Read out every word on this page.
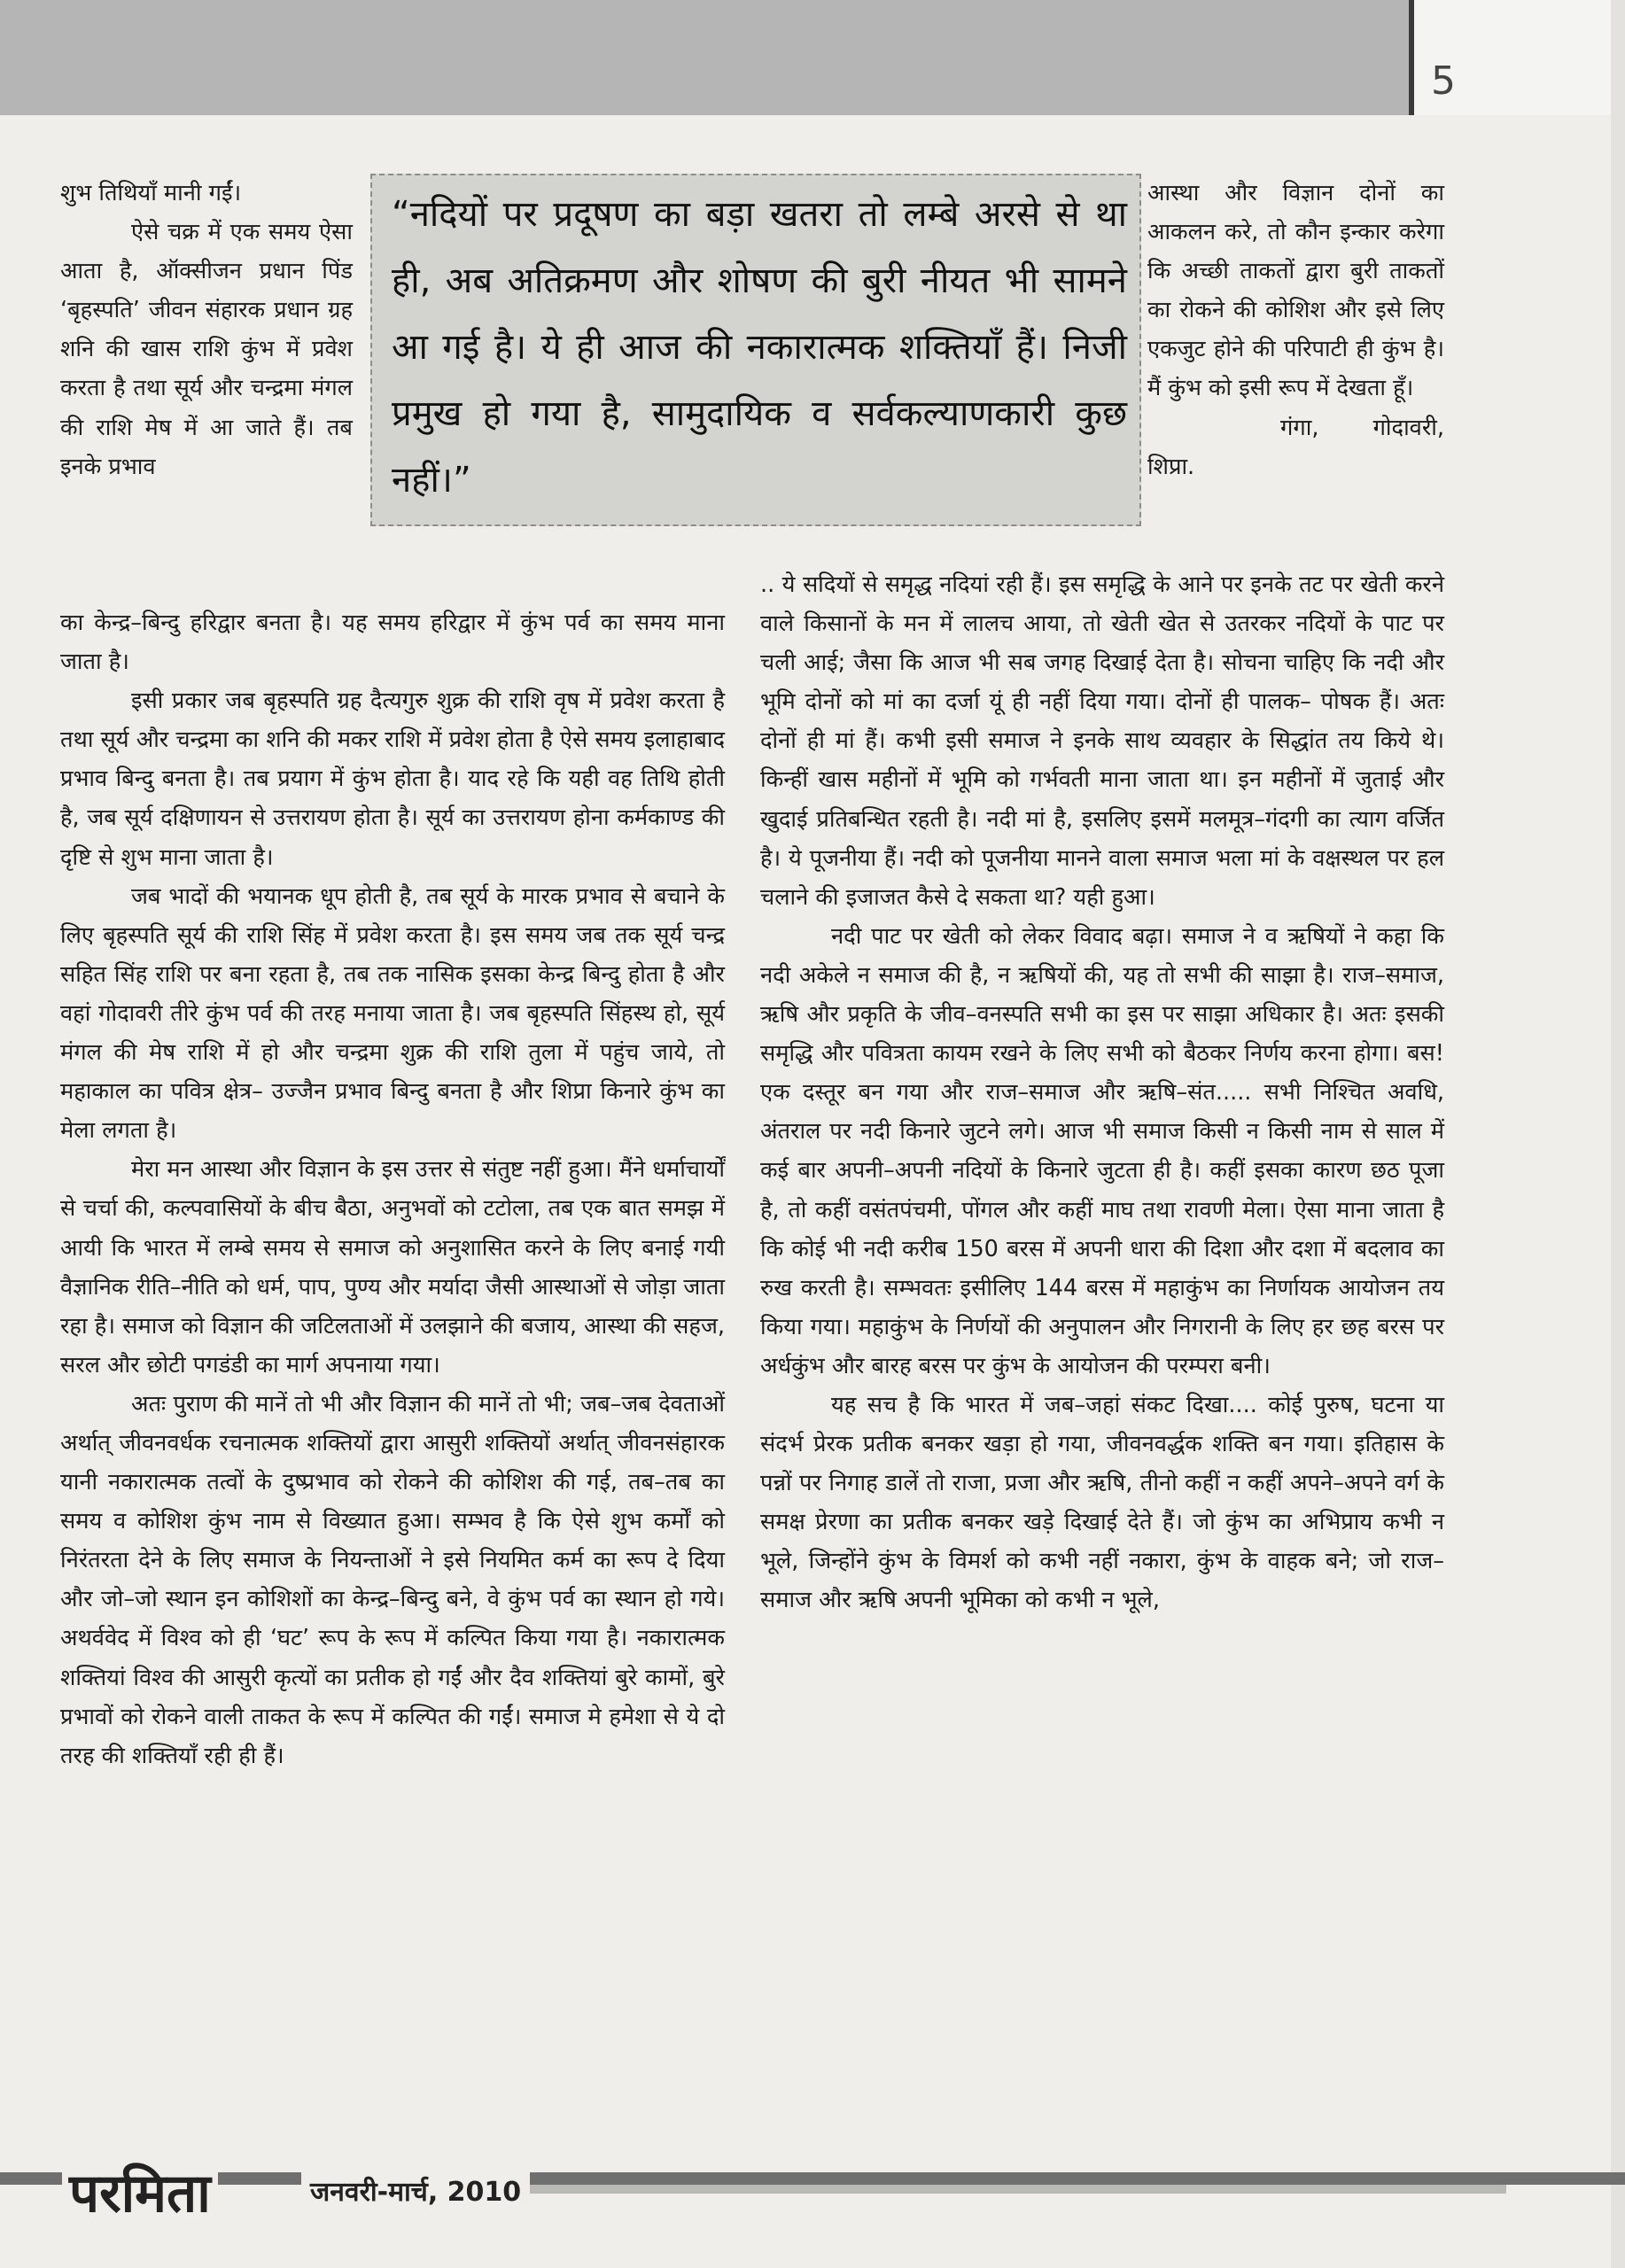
5

शुभ तिथियाँ मानी गईं।

ऐसे चक्र में एक समय ऐसा आता है, ऑक्सीजन प्रधान पिंड ‘बृहस्पति’ जीवन संहारक प्रधान ग्रह शनि की खास राशि कुंभ में प्रवेश करता है तथा सूर्य और चन्द्रमा मंगल की राशि मेष में आ जाते हैं। तब इनके प्रभाव

“नदियों पर प्रदूषण का बड़ा खतरा तो लम्बे अरसे से था ही, अब अतिक्रमण और शोषण की बुरी नीयत भी सामने आ गई है। ये ही आज की नकारात्मक शक्तियाँ हैं। निजी प्रमुख हो गया है, सामुदायिक व सर्वकल्याणकारी कुछ नहीं।”

आस्था और विज्ञान दोनों का आकलन करे, तो कौन इन्कार करेगा कि अच्छी ताकतों द्वारा बुरी ताकतों का रोकने की कोशिश और इसे लिए एकजुट होने की परिपाटी ही कुंभ है। मैं कुंभ को इसी रूप में देखता हूँ।

गंगा, गोदावरी, शिप्रा.

का केन्द्र–बिन्दु हरिद्वार बनता है। यह समय हरिद्वार में कुंभ पर्व का समय माना जाता है।

इसी प्रकार जब बृहस्पति ग्रह दैत्यगुरु शुक्र की राशि वृष में प्रवेश करता है तथा सूर्य और चन्द्रमा का शनि की मकर राशि में प्रवेश होता है ऐसे समय इलाहाबाद प्रभाव बिन्दु बनता है। तब प्रयाग में कुंभ होता है। याद रहे कि यही वह तिथि होती है, जब सूर्य दक्षिणायन से उत्तरायण होता है। सूर्य का उत्तरायण होना कर्मकाण्ड की दृष्टि से शुभ माना जाता है।

जब भादों की भयानक धूप होती है, तब सूर्य के मारक प्रभाव से बचाने के लिए बृहस्पति सूर्य की राशि सिंह में प्रवेश करता है। इस समय जब तक सूर्य चन्द्र सहित सिंह राशि पर बना रहता है, तब तक नासिक इसका केन्द्र बिन्दु होता है और वहां गोदावरी तीरे कुंभ पर्व की तरह मनाया जाता है। जब बृहस्पति सिंहस्थ हो, सूर्य मंगल की मेष राशि में हो और चन्द्रमा शुक्र की राशि तुला में पहुंच जाये, तो महाकाल का पवित्र क्षेत्र– उज्जैन प्रभाव बिन्दु बनता है और शिप्रा किनारे कुंभ का मेला लगता है।

मेरा मन आस्था और विज्ञान के इस उत्तर से संतुष्ट नहीं हुआ। मैंने धर्माचार्यों से चर्चा की, कल्पवासियों के बीच बैठा, अनुभवों को टटोला, तब एक बात समझ में आयी कि भारत में लम्बे समय से समाज को अनुशासित करने के लिए बनाई गयी वैज्ञानिक रीति–नीति को धर्म, पाप, पुण्य और मर्यादा जैसी आस्थाओं से जोड़ा जाता रहा है। समाज को विज्ञान की जटिलताओं में उलझाने की बजाय, आस्था की सहज, सरल और छोटी पगडंडी का मार्ग अपनाया गया।

अतः पुराण की मानें तो भी और विज्ञान की मानें तो भी; जब–जब देवताओं अर्थात् जीवनवर्धक रचनात्मक शक्तियों द्वारा आसुरी शक्तियों अर्थात् जीवनसंहारक यानी नकारात्मक तत्वों के दुष्प्रभाव को रोकने की कोशिश की गई, तब–तब का समय व कोशिश कुंभ नाम से विख्यात हुआ। सम्भव है कि ऐसे शुभ कर्मों को निरंतरता देने के लिए समाज के नियन्ताओं ने इसे नियमित कर्म का रूप दे दिया और जो–जो स्थान इन कोशिशों का केन्द्र–बिन्दु बने, वे कुंभ पर्व का स्थान हो गये। अथर्ववेद में विश्व को ही ‘घट’ रूप के रूप में कल्पित किया गया है। नकारात्मक शक्तियां विश्व की आसुरी कृत्यों का प्रतीक हो गईं और दैव शक्तियां बुरे कामों, बुरे प्रभावों को रोकने वाली ताकत के रूप में कल्पित की गईं। समाज मे हमेशा से ये दो तरह की शक्तियाँ रही ही हैं।

.. ये सदियों से समृद्ध नदियां रही हैं। इस समृद्धि के आने पर इनके तट पर खेती करने वाले किसानों के मन में लालच आया, तो खेती खेत से उतरकर नदियों के पाट पर चली आई; जैसा कि आज भी सब जगह दिखाई देता है। सोचना चाहिए कि नदी और भूमि दोनों को मां का दर्जा यूं ही नहीं दिया गया। दोनों ही पालक– पोषक हैं। अतः दोनों ही मां हैं। कभी इसी समाज ने इनके साथ व्यवहार के सिद्धांत तय किये थे। किन्हीं खास महीनों में भूमि को गर्भवती माना जाता था। इन महीनों में जुताई और खुदाई प्रतिबन्धित रहती है। नदी मां है, इसलिए इसमें मलमूत्र–गंदगी का त्याग वर्जित है। ये पूजनीया हैं। नदी को पूजनीया मानने वाला समाज भला मां के वक्षस्थल पर हल चलाने की इजाजत कैसे दे सकता था? यही हुआ।

नदी पाट पर खेती को लेकर विवाद बढ़ा। समाज ने व ऋषियों ने कहा कि नदी अकेले न समाज की है, न ऋषियों की, यह तो सभी की साझा है। राज–समाज, ऋषि और प्रकृति के जीव–वनस्पति सभी का इस पर साझा अधिकार है। अतः इसकी समृद्धि और पवित्रता कायम रखने के लिए सभी को बैठकर निर्णय करना होगा। बस! एक दस्तूर बन गया और राज–समाज और ऋषि–संत..... सभी निश्चित अवधि, अंतराल पर नदी किनारे जुटने लगे। आज भी समाज किसी न किसी नाम से साल में कई बार अपनी–अपनी नदियों के किनारे जुटता ही है। कहीं इसका कारण छठ पूजा है, तो कहीं वसंतपंचमी, पोंगल और कहीं माघ तथा रावणी मेला। ऐसा माना जाता है कि कोई भी नदी करीब 150 बरस में अपनी धारा की दिशा और दशा में बदलाव का रुख करती है। सम्भवतः इसीलिए 144 बरस में महाकुंभ का निर्णायक आयोजन तय किया गया। महाकुंभ के निर्णयों की अनुपालन और निगरानी के लिए हर छह बरस पर अर्धकुंभ और बारह बरस पर कुंभ के आयोजन की परम्परा बनी।

यह सच है कि भारत में जब–जहां संकट दिखा.... कोई पुरुष, घटना या संदर्भ प्रेरक प्रतीक बनकर खड़ा हो गया, जीवनवर्द्धक शक्ति बन गया। इतिहास के पन्नों पर निगाह डालें तो राजा, प्रजा और ऋषि, तीनो कहीं न कहीं अपने–अपने वर्ग के समक्ष प्रेरणा का प्रतीक बनकर खड़े दिखाई देते हैं। जो कुंभ का अभिप्राय कभी न भूले, जिन्होंने कुंभ के विमर्श को कभी नहीं नकारा, कुंभ के वाहक बने; जो राज–समाज और ऋषि अपनी भूमिका को कभी न भूले,

परमिता	जनवरी-मार्च, 2010
